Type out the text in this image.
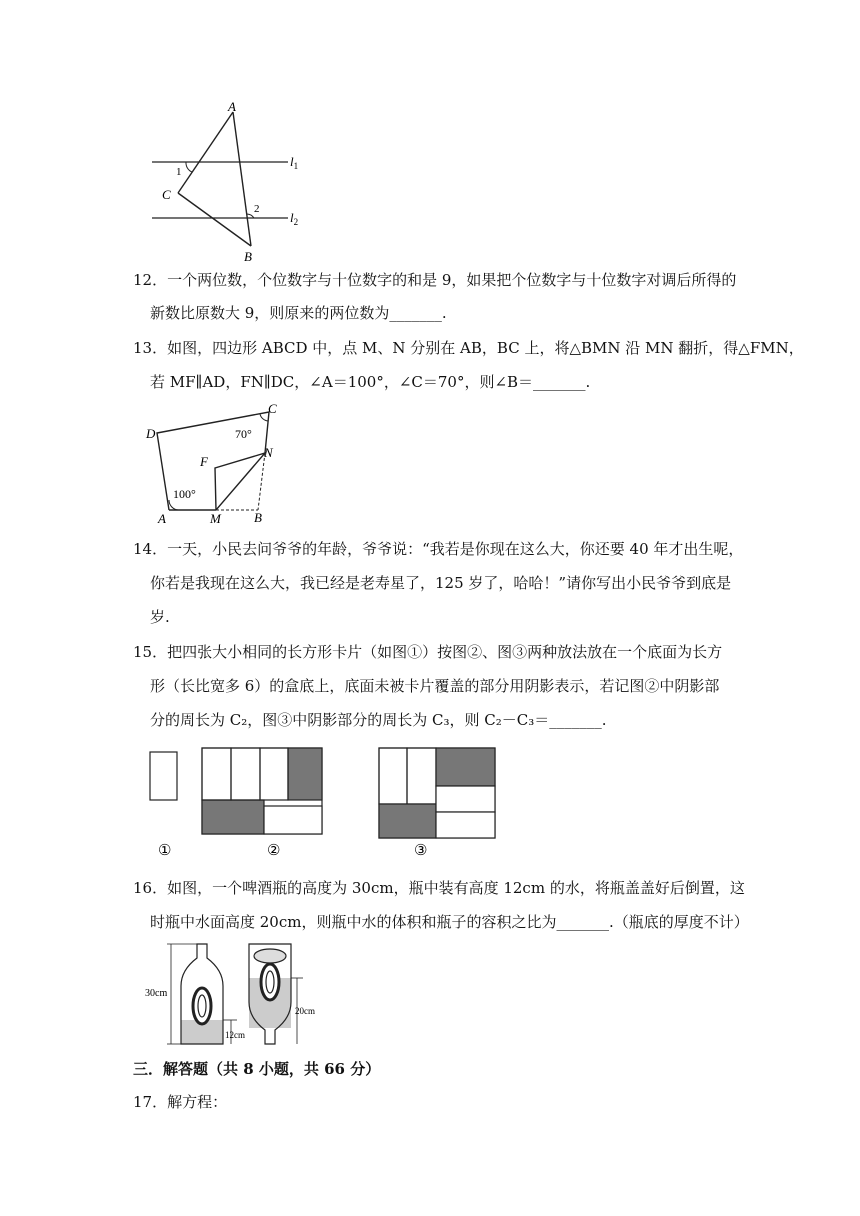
A
C
B
1
2
$l_1$
$l_2$
12．一个两位数，个位数字与十位数字的和是 9，如果把个位数字与十位数字对调后所得的
新数比原数大 9，则原来的两位数为_______.
13．如图，四边形 ABCD 中，点 M、N 分别在 AB，BC 上，将△BMN 沿 MN 翻折，得△FMN，
若 MF∥AD，FN∥DC，∠A＝100°，∠C＝70°，则∠B＝_______.
D
C
70°
F
N
100°
A	M	B
14．一天，小民去问爷爷的年龄，爷爷说：“我若是你现在这么大，你还要 40 年才出生呢，
你若是我现在这么大，我已经是老寿星了，125 岁了，哈哈！”请你写出小民爷爷到底是
岁.
15．把四张大小相同的长方形卡片（如图①）按图②、图③两种放法放在一个底面为长方
形（长比宽多 6）的盒底上，底面未被卡片覆盖的部分用阴影表示，若记图②中阴影部
分的周长为 C₂，图③中阴影部分的周长为 C₃，则 C₂－C₃＝_______.
①	②	③
16．如图，一个啤酒瓶的高度为 30cm，瓶中装有高度 12cm 的水，将瓶盖盖好后倒置，这
时瓶中水面高度 20cm，则瓶中水的体积和瓶子的容积之比为_______.（瓶底的厚度不计）
30cm
12cm
20cm
三．解答题（共 8 小题，共 66 分）
17．解方程：
